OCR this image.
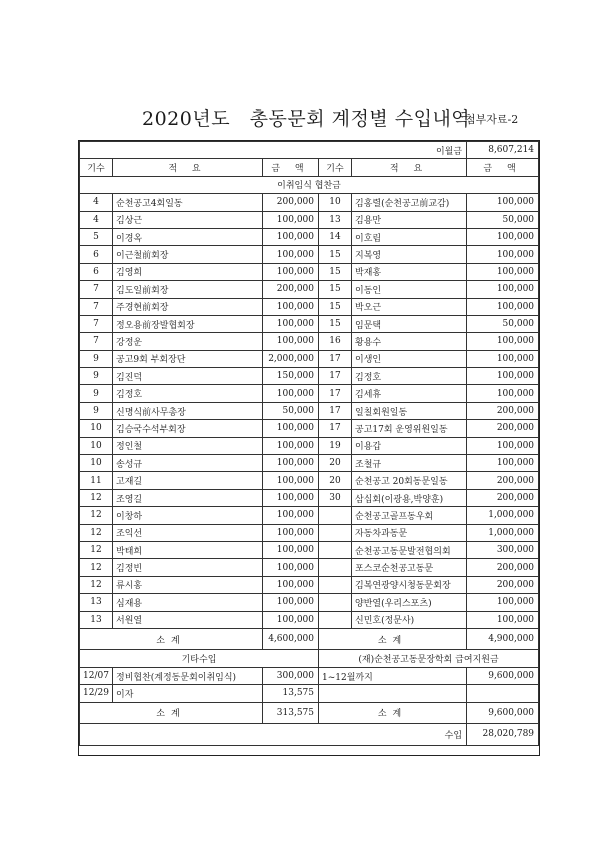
2020년도   총동문회 계정별 수입내역
첨부자료-2
이월금					8,607,214
기수	적 요	금 액	기수	적 요	금 액
이취임식 협찬금					
4	순천공고4회일동	200,000	10	김홍렬(순천공고前교감)	100,000
4	김상근	100,000	13	김용만	50,000
5	이경옥	100,000	14	이호림	100,000
6	이근철前회장	100,000	15	지복영	100,000
6	김영희	100,000	15	박재홍	100,000
7	김도일前회장	200,000	15	이동인	100,000
7	주경현前회장	100,000	15	박오근	100,000
7	정오용前장발협회장	100,000	15	임문택	50,000
7	강정운	100,000	16	황용수	100,000
9	공고9회 부회장단	2,000,000	17	이생인	100,000
9	김진덕	150,000	17	김정호	100,000
9	김정호	100,000	17	김세휴	100,000
9	신명식前사무총장	50,000	17	일칠회원일동	200,000
10	김승국수석부회장	100,000	17	공고17회 운영위원일동	200,000
10	정인철	100,000	19	이용갑	100,000
10	송성규	100,000	20	조철규	100,000
11	고재길	100,000	20	순천공고 20회동문일동	200,000
12	조영길	100,000	30	삼십회(이광용,박양훈)	200,000
12	이창하	100,000		순천공고골프동우회	1,000,000
12	조익선	100,000		자동차과동문	1,000,000
12	박태희	100,000		순천공고동문발전협의회	300,000
12	김정빈	100,000		포스코순천공고동문	200,000
12	류시홍	100,000		김복연광양시청동문회장	200,000
13	심재용	100,000		양반열(우리스포츠)	100,000
13	서원열	100,000		신민호(정문사)	100,000
소계		4,600,000	소계		4,900,000
기타수입			(재)순천공고동문장학회 급여지원금		
12/07	정비협찬(계정동문회이취임식)	300,000	1~12월까지		9,600,000
12/29	이자	13,575			
소계		313,575	소계		9,600,000
수입					28,020,789
